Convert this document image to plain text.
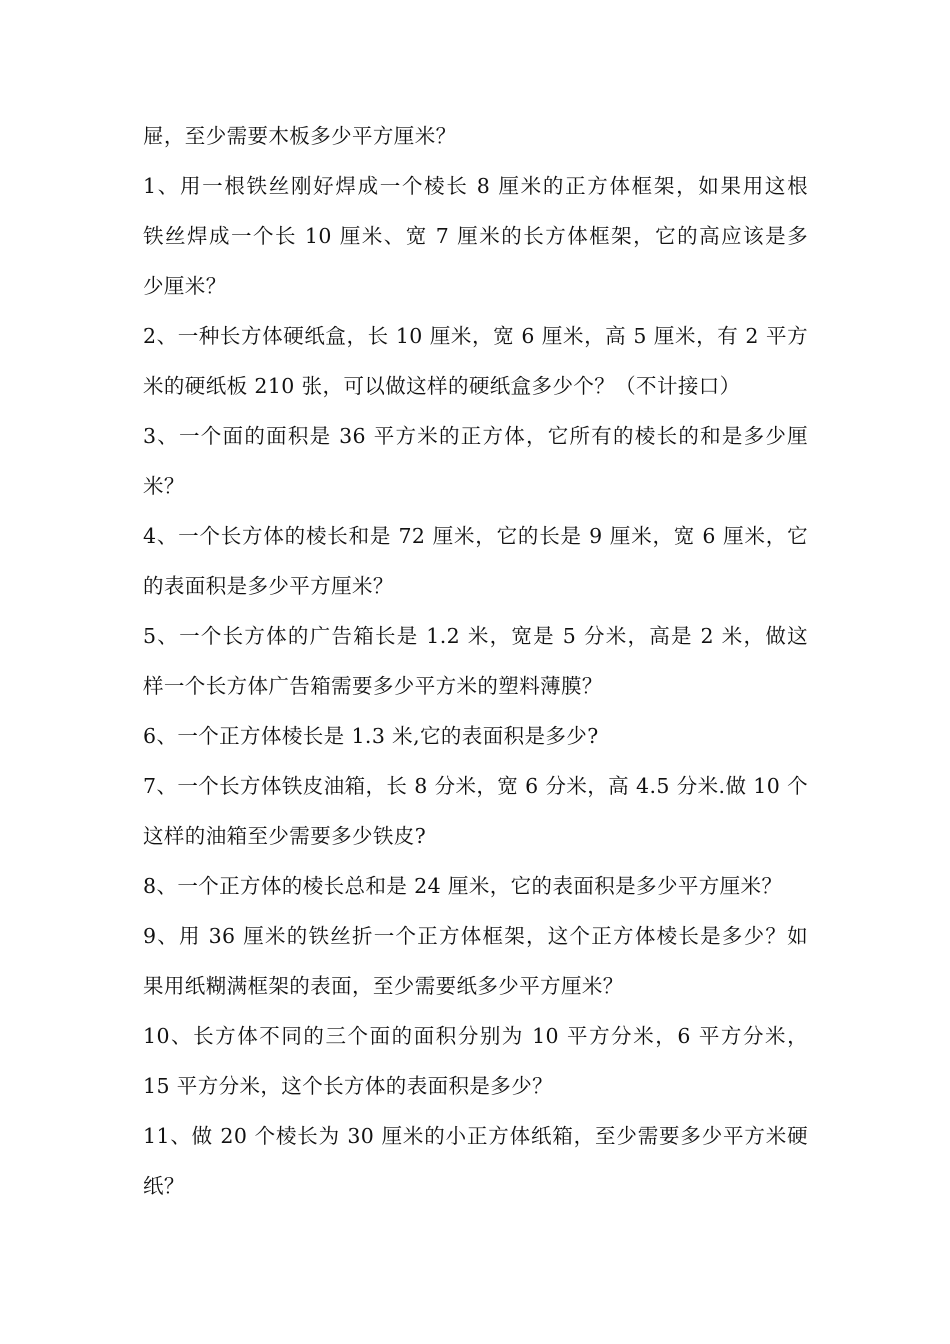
屉，至少需要木板多少平方厘米？
1、用一根铁丝刚好焊成一个棱长 8 厘米的正方体框架，如果用这根
铁丝焊成一个长 10 厘米、宽 7 厘米的长方体框架，它的高应该是多
少厘米？
2、一种长方体硬纸盒，长 10 厘米，宽 6 厘米，高 5 厘米，有 2 平方
米的硬纸板 210 张，可以做这样的硬纸盒多少个？（不计接口）
3、一个面的面积是 36 平方米的正方体，它所有的棱长的和是多少厘
米？
4、一个长方体的棱长和是 72 厘米，它的长是 9 厘米，宽 6 厘米，它
的表面积是多少平方厘米？
5、一个长方体的广告箱长是 1.2 米，宽是 5 分米，高是 2 米，做这
样一个长方体广告箱需要多少平方米的塑料薄膜？
6、一个正方体棱长是 1.3 米,它的表面积是多少?
7、一个长方体铁皮油箱，长 8 分米，宽 6 分米，高 4.5 分米.做 10 个
这样的油箱至少需要多少铁皮?
8、一个正方体的棱长总和是 24 厘米，它的表面积是多少平方厘米？
9、用 36 厘米的铁丝折一个正方体框架，这个正方体棱长是多少？如
果用纸糊满框架的表面，至少需要纸多少平方厘米？
10、长方体不同的三个面的面积分别为 10 平方分米，6 平方分米，
15 平方分米，这个长方体的表面积是多少？
11、做 20 个棱长为 30 厘米的小正方体纸箱，至少需要多少平方米硬
纸？
